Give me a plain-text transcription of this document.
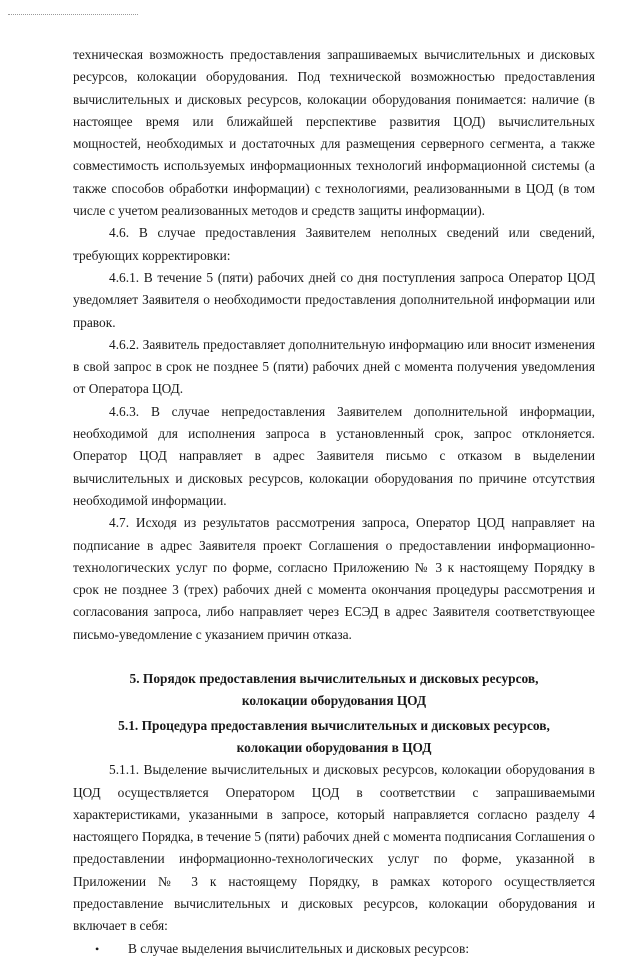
техническая возможность предоставления запрашиваемых вычислительных и дисковых ресурсов, колокации оборудования. Под технической возможностью предоставления вычислительных и дисковых ресурсов, колокации оборудования понимается: наличие (в настоящее время или ближайшей перспективе развития ЦОД) вычислительных мощностей, необходимых и достаточных для размещения серверного сегмента, а также совместимость используемых информационных технологий информационной системы (а также способов обработки информации) с технологиями, реализованными в ЦОД (в том числе с учетом реализованных методов и средств защиты информации).

4.6. В случае предоставления Заявителем неполных сведений или сведений, требующих корректировки:

4.6.1. В течение 5 (пяти) рабочих дней со дня поступления запроса Оператор ЦОД уведомляет Заявителя о необходимости предоставления дополнительной информации или правок.

4.6.2. Заявитель предоставляет дополнительную информацию или вносит изменения в свой запрос в срок не позднее 5 (пяти) рабочих дней с момента получения уведомления от Оператора ЦОД.

4.6.3. В случае непредоставления Заявителем дополнительной информации, необходимой для исполнения запроса в установленный срок, запрос отклоняется. Оператор ЦОД направляет в адрес Заявителя письмо с отказом в выделении вычислительных и дисковых ресурсов, колокации оборудования по причине отсутствия необходимой информации.

4.7. Исходя из результатов рассмотрения запроса, Оператор ЦОД направляет на подписание в адрес Заявителя проект Соглашения о предоставлении информационно-технологических услуг по форме, согласно Приложению № 3 к настоящему Порядку в срок не позднее 3 (трех) рабочих дней с момента окончания процедуры рассмотрения и согласования запроса, либо направляет через ЕСЭД в адрес Заявителя соответствующее письмо-уведомление с указанием причин отказа.

5. Порядок предоставления вычислительных и дисковых ресурсов,

колокации оборудования ЦОД

5.1. Процедура предоставления вычислительных и дисковых ресурсов,

колокации оборудования в ЦОД

5.1.1. Выделение вычислительных и дисковых ресурсов, колокации оборудования в ЦОД осуществляется Оператором ЦОД в соответствии с запрашиваемыми характеристиками, указанными в запросе, который направляется согласно разделу 4 настоящего Порядка, в течение 5 (пяти) рабочих дней с момента подписания Соглашения о предоставлении информационно-технологических услуг по форме, указанной в Приложении № 3 к настоящему Порядку, в рамках которого осуществляется предоставление вычислительных и дисковых ресурсов, колокации оборудования и включает в себя:

• В случае выделения вычислительных и дисковых ресурсов:
